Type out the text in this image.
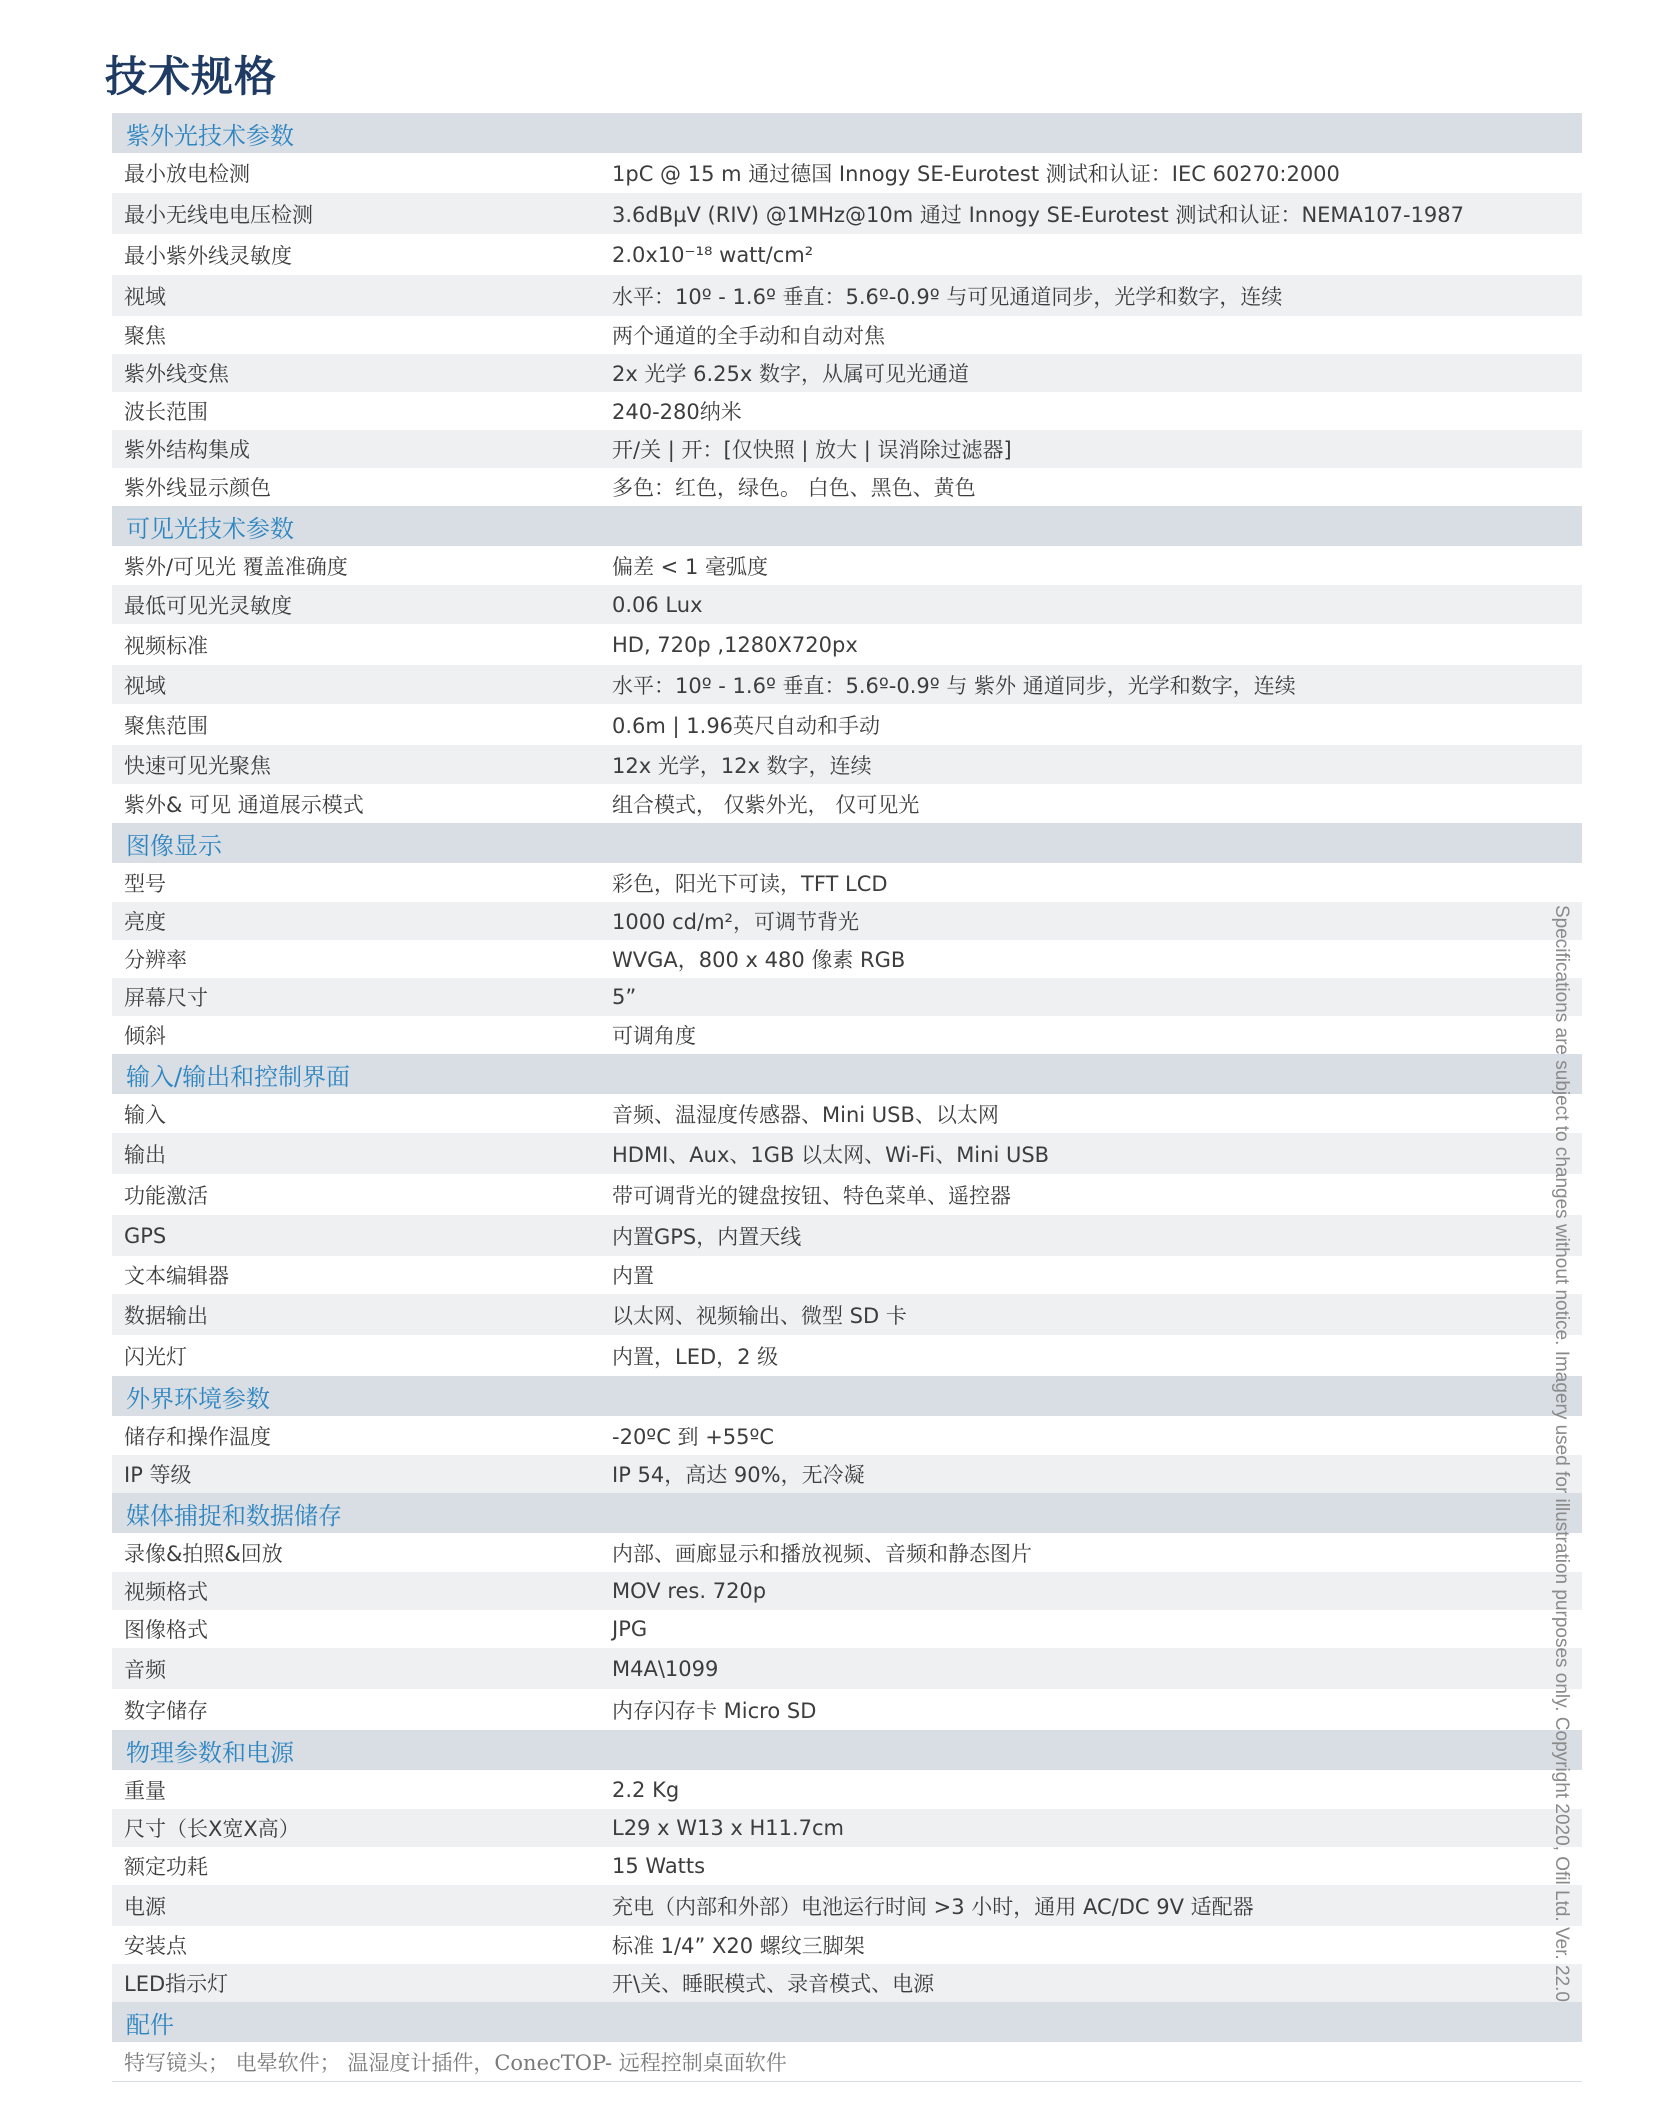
技术规格
紫外光技术参数
最小放电检测	1pC @ 15 m 通过德国 Innogy SE-Eurotest 测试和认证：IEC 60270:2000
最小无线电电压检测	3.6dBµV (RIV) @1MHz@10m 通过 Innogy SE-Eurotest 测试和认证：NEMA107-1987
最小紫外线灵敏度	2.0x10⁻¹⁸ watt/cm²
视域	水平：10º - 1.6º 垂直：5.6º-0.9º 与可见通道同步，光学和数字，连续
聚焦	两个通道的全手动和自动对焦
紫外线变焦	2x 光学 6.25x 数字，从属可见光通道
波长范围	240-280纳米
紫外结构集成	开/关 | 开：[仅快照 | 放大 | 误消除过滤器]
紫外线显示颜色	多色：红色，绿色。 白色、黑色、黄色
可见光技术参数
紫外/可见光 覆盖准确度	偏差 < 1 毫弧度
最低可见光灵敏度	0.06 Lux
视频标准	HD, 720p ,1280X720px
视域	水平：10º - 1.6º 垂直：5.6º-0.9º 与 紫外 通道同步，光学和数字，连续
聚焦范围	0.6m | 1.96英尺自动和手动
快速可见光聚焦	12x 光学，12x 数字，连续
紫外& 可见 通道展示模式	组合模式， 仅紫外光， 仅可见光
图像显示
型号	彩色，阳光下可读，TFT LCD
亮度	1000 cd/m²，可调节背光
分辨率	WVGA，800 x 480 像素 RGB
屏幕尺寸	5”
倾斜	可调角度
输入/输出和控制界面
输入	音频、温湿度传感器、Mini USB、以太网
输出	HDMI、Aux、1GB 以太网、Wi-Fi、Mini USB
功能激活	带可调背光的键盘按钮、特色菜单、遥控器
GPS	内置GPS，内置天线
文本编辑器	内置
数据输出	以太网、视频输出、微型 SD 卡
闪光灯	内置，LED，2 级
外界环境参数
储存和操作温度	-20ºC 到 +55ºC
IP 等级	IP 54，高达 90%，无冷凝
媒体捕捉和数据储存
录像&拍照&回放	内部、画廊显示和播放视频、音频和静态图片
视频格式	MOV res. 720p
图像格式	JPG
音频	M4A\1099
数字储存	内存闪存卡 Micro SD
物理参数和电源
重量	2.2 Kg
尺寸（长X宽X高）	L29 x W13 x H11.7cm
额定功耗	15 Watts
电源	充电（内部和外部）电池运行时间 >3 小时，通用 AC/DC 9V 适配器
安装点	标准 1/4” X20 螺纹三脚架
LED指示灯	开\关、睡眠模式、录音模式、电源
配件
特写镜头； 电晕软件； 温湿度计插件，ConecTOP- 远程控制桌面软件
Specifications are subject to changes without notice. Imagery used for illustration purposes only. Copyright 2020, Ofil Ltd. Ver. 22.0
